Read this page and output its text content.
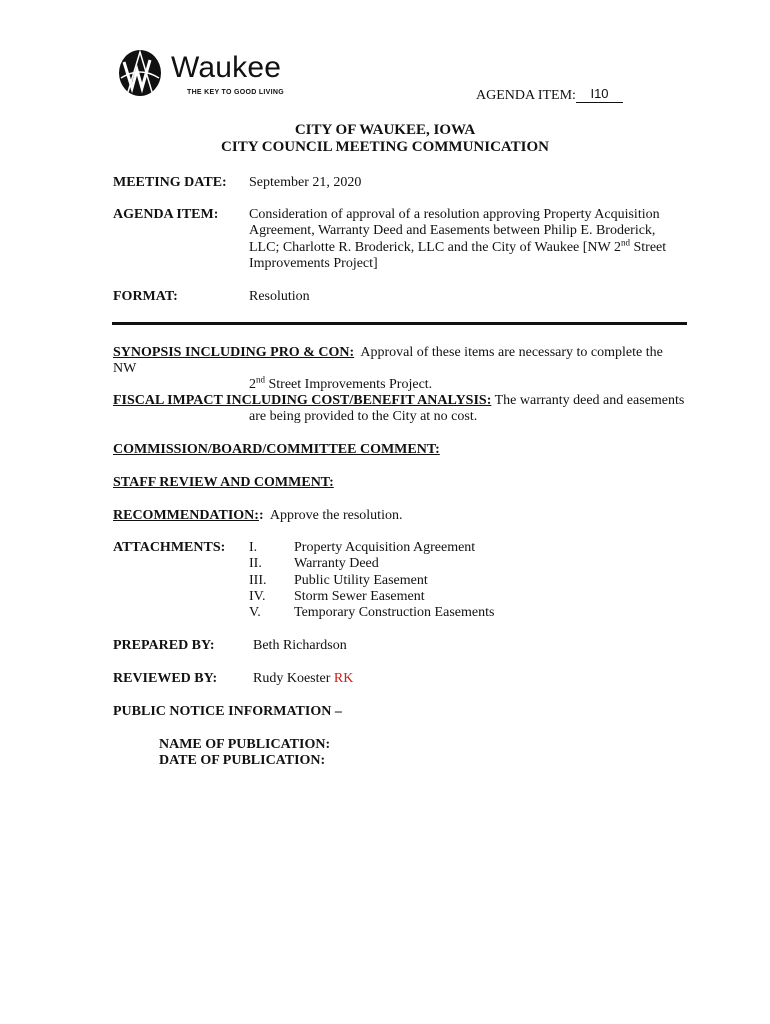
Waukee
THE KEY TO GOOD LIVING	AGENDA ITEM:	I10
CITY OF WAUKEE, IOWA
CITY COUNCIL MEETING COMMUNICATION
MEETING DATE: September 21, 2020
AGENDA ITEM: Consideration of approval of a resolution approving Property Acquisition
Agreement, Warranty Deed and Easements between Philip E. Broderick,
LLC; Charlotte R. Broderick, LLC and the City of Waukee [NW 2nd Street
Improvements Project]
FORMAT:	Resolution
SYNOPSIS INCLUDING PRO & CON: Approval of these items are necessary to complete the NW
2nd Street Improvements Project.
FISCAL IMPACT INCLUDING COST/BENEFIT ANALYSIS: The warranty deed and easements
are being provided to the City at no cost.
COMMISSION/BOARD/COMMITTEE COMMENT:
STAFF REVIEW AND COMMENT:
RECOMMENDATION:: Approve the resolution.
ATTACHMENTS: I.	Property Acquisition Agreement
II. Warranty Deed
III. Public Utility Easement
IV. Storm Sewer Easement
V. Temporary Construction Easements
PREPARED BY:	Beth Richardson
REVIEWED BY:	Rudy Koester RK
PUBLIC NOTICE INFORMATION –
NAME OF PUBLICATION:
DATE OF PUBLICATION:
